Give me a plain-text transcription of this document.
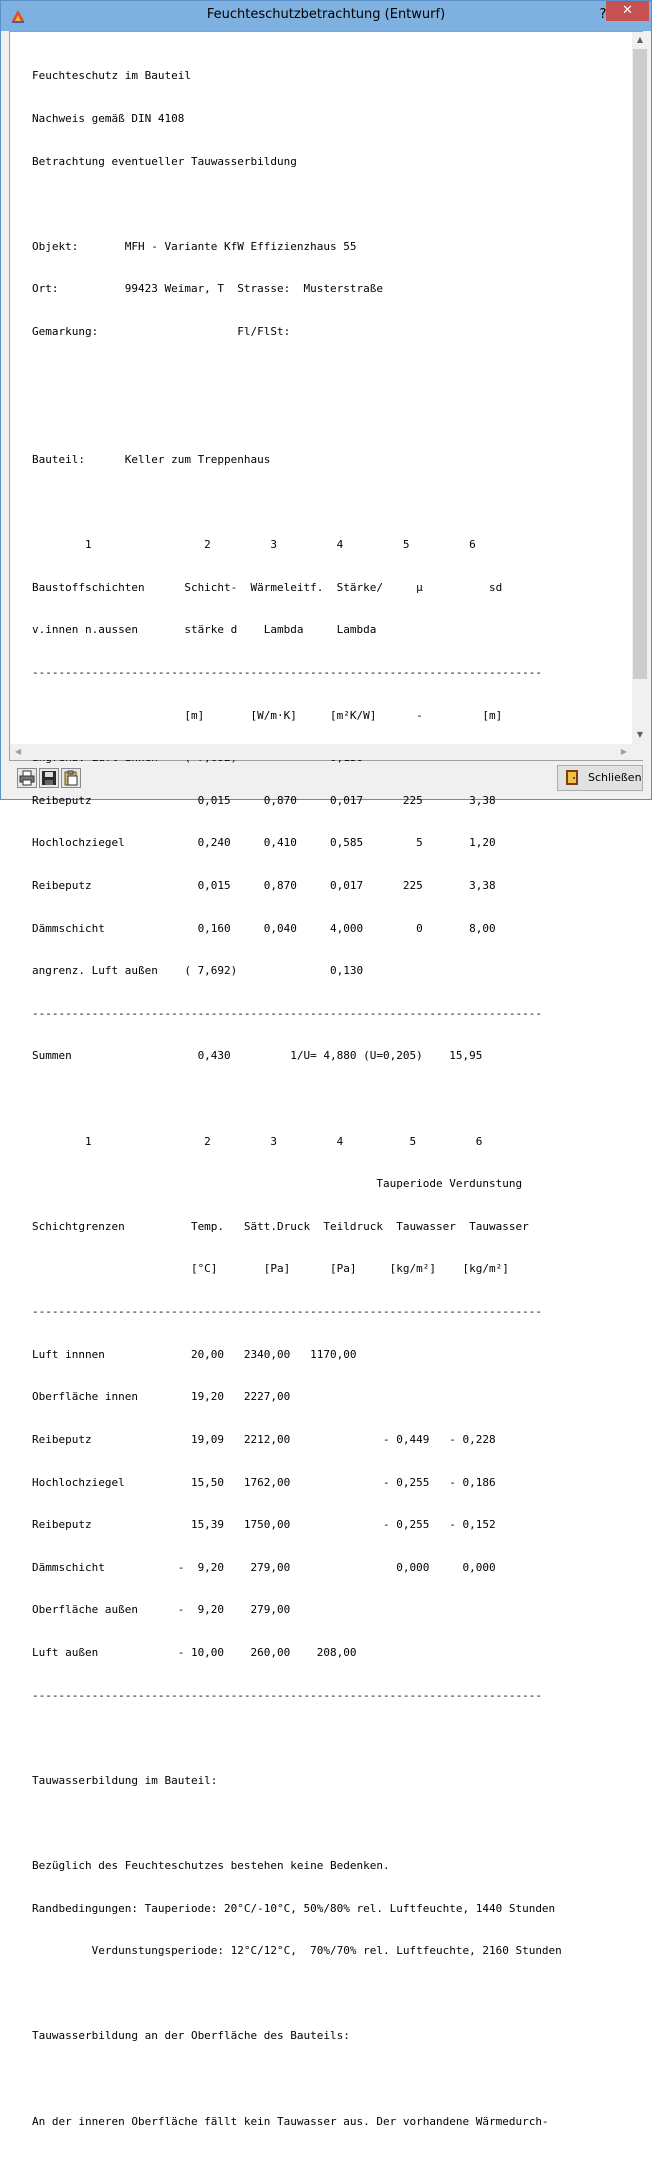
Feuchteschutzbetrachtung (Entwurf)	?	✕

Feuchteschutz im Bauteil

Nachweis gemäß DIN 4108

Betrachtung eventueller Tauwasserbildung

Objekt:       MFH - Variante KfW Effizienzhaus 55

Ort:          99423 Weimar, T  Strasse:  Musterstraße

Gemarkung:                     Fl/FlSt:

Bauteil:      Keller zum Treppenhaus

1                 2         3         4         5         6

Baustoffschichten      Schicht-  Wärmeleitf.  Stärke/     µ          sd

v.innen n.aussen       stärke d    Lambda     Lambda

-----------------------------------------------------------------------------

[m]       [W/m·K]     [m²K/W]      -         [m]

Reibeputz                0,015     0,870     0,017      225       3,38

Hochlochziegel           0,240     0,410     0,585        5       1,20

Reibeputz                0,015     0,870     0,017      225       3,38

Dämmschicht              0,160     0,040     4,000        0       8,00

angrenz. Luft außen    ( 7,692)              0,130

-----------------------------------------------------------------------------

Summen                   0,430         1/U= 4,880 (U=0,205)    15,95

1                 2         3         4          5         6

Tauperiode Verdunstung

Schichtgrenzen          Temp.   Sätt.Druck  Teildruck  Tauwasser  Tauwasser

[°C]       [Pa]      [Pa]     [kg/m²]    [kg/m²]

-----------------------------------------------------------------------------

Luft innnen             20,00   2340,00   1170,00

Oberfläche innen        19,20   2227,00

Reibeputz               19,09   2212,00              - 0,449   - 0,228

Hochlochziegel          15,50   1762,00              - 0,255   - 0,186

Reibeputz               15,39   1750,00              - 0,255   - 0,152

Dämmschicht           -  9,20    279,00                0,000     0,000

Oberfläche außen      -  9,20    279,00

Luft außen            - 10,00    260,00    208,00

-----------------------------------------------------------------------------

Tauwasserbildung im Bauteil:

Bezüglich des Feuchteschutzes bestehen keine Bedenken.

Randbedingungen: Tauperiode: 20°C/-10°C, 50%/80% rel. Luftfeuchte, 1440 Stunden

Verdunstungsperiode: 12°C/12°C,  70%/70% rel. Luftfeuchte, 2160 Stunden

Tauwasserbildung an der Oberfläche des Bauteils:

An der inneren Oberfläche fällt kein Tauwasser aus. Der vorhandene Wärmedurch-

▲
▼
◀	▶
Schließen
